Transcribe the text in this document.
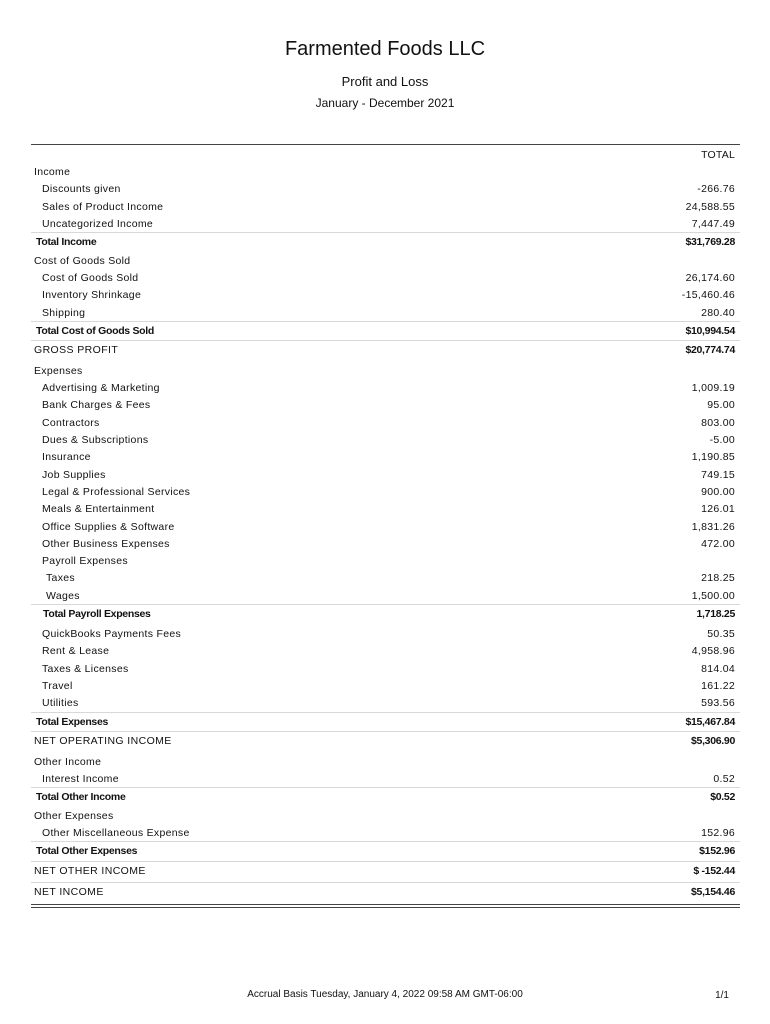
Farmented Foods LLC
Profit and Loss
January - December 2021
TOTAL
Income
Discounts given	-266.76
Sales of Product Income	24,588.55
Uncategorized Income	7,447.49
Total Income	$31,769.28
Cost of Goods Sold
Cost of Goods Sold	26,174.60
Inventory Shrinkage	-15,460.46
Shipping	280.40
Total Cost of Goods Sold	$10,994.54
GROSS PROFIT	$20,774.74
Expenses
Advertising & Marketing	1,009.19
Bank Charges & Fees	95.00
Contractors	803.00
Dues & Subscriptions	-5.00
Insurance	1,190.85
Job Supplies	749.15
Legal & Professional Services	900.00
Meals & Entertainment	126.01
Office Supplies & Software	1,831.26
Other Business Expenses	472.00
Payroll Expenses
Taxes	218.25
Wages	1,500.00
Total Payroll Expenses	1,718.25
QuickBooks Payments Fees	50.35
Rent & Lease	4,958.96
Taxes & Licenses	814.04
Travel	161.22
Utilities	593.56
Total Expenses	$15,467.84
NET OPERATING INCOME	$5,306.90
Other Income
Interest Income	0.52
Total Other Income	$0.52
Other Expenses
Other Miscellaneous Expense	152.96
Total Other Expenses	$152.96
NET OTHER INCOME	$ -152.44
NET INCOME	$5,154.46
Accrual Basis Tuesday, January 4, 2022 09:58 AM GMT-06:00	1/1
